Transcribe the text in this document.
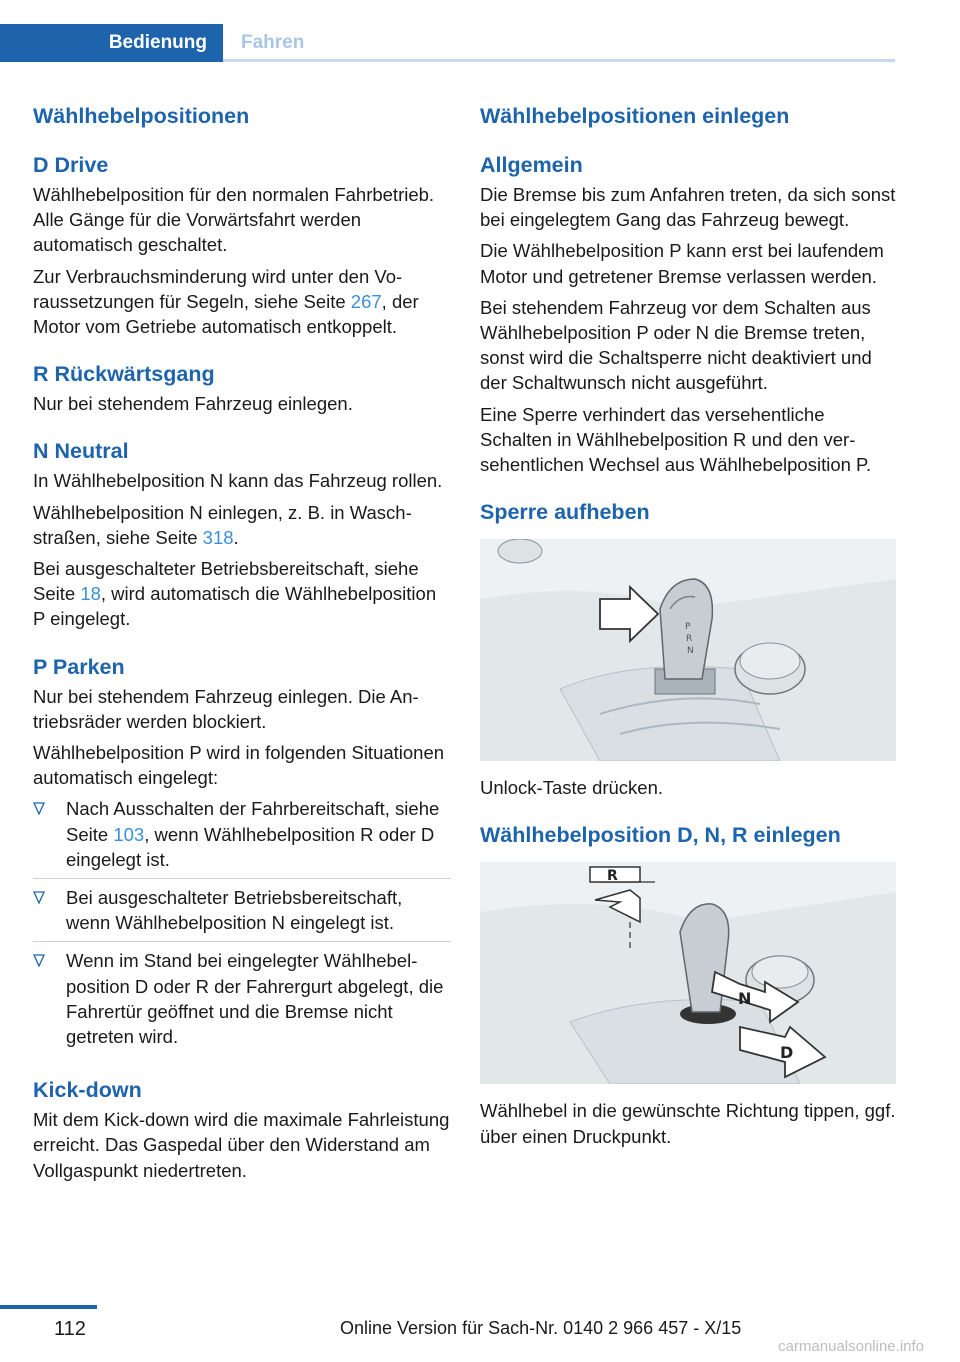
Bedienung	Fahren
Wählhebelpositionen
D Drive

Wählhebelposition für den normalen Fahrbetrieb. Alle Gänge für die Vorwärtsfahrt werden automatisch geschaltet.

Zur Verbrauchsminderung wird unter den Voraussetzungen für Segeln, siehe Seite 267, der Motor vom Getriebe automatisch entkoppelt.

R Rückwärtsgang

Nur bei stehendem Fahrzeug einlegen.

N Neutral

In Wählhebelposition N kann das Fahrzeug rollen.

Wählhebelposition N einlegen, z. B. in Waschstraßen, siehe Seite 318.

Bei ausgeschalteter Betriebsbereitschaft, siehe Seite 18, wird automatisch die Wählhebelposition P eingelegt.

P Parken

Nur bei stehendem Fahrzeug einlegen. Die Antriebsräder werden blockiert.

Wählhebelposition P wird in folgenden Situationen automatisch eingelegt:

Nach Ausschalten der Fahrbereitschaft, siehe Seite 103, wenn Wählhebelposition R oder D eingelegt ist.
Bei ausgeschalteter Betriebsbereitschaft, wenn Wählhebelposition N eingelegt ist.
Wenn im Stand bei eingelegter Wählhebelposition D oder R der Fahrergurt abgelegt, die Fahrertür geöffnet und die Bremse nicht getreten wird.
Kick-down

Mit dem Kick-down wird die maximale Fahrleistung erreicht. Das Gaspedal über den Widerstand am Vollgaspunkt niedertreten.

Wählhebelpositionen einlegen
Allgemein

Die Bremse bis zum Anfahren treten, da sich sonst bei eingelegtem Gang das Fahrzeug bewegt.

Die Wählhebelposition P kann erst bei laufendem Motor und getretener Bremse verlassen werden.

Bei stehendem Fahrzeug vor dem Schalten aus Wählhebelposition P oder N die Bremse treten, sonst wird die Schaltsperre nicht deaktiviert und der Schaltwunsch nicht ausgeführt.

Eine Sperre verhindert das versehentliche Schalten in Wählhebelposition R und den versehentlichen Wechsel aus Wählhebelposition P.

Sperre aufheben
P
R
N

Unlock-Taste drücken.

Wählhebelposition D, N, R einlegen
R
N
D

Wählhebel in die gewünschte Richtung tippen, ggf. über einen Druckpunkt.

112	Online Version für Sach-Nr. 0140 2 966 457 - X/15
carmanualsonline.info
